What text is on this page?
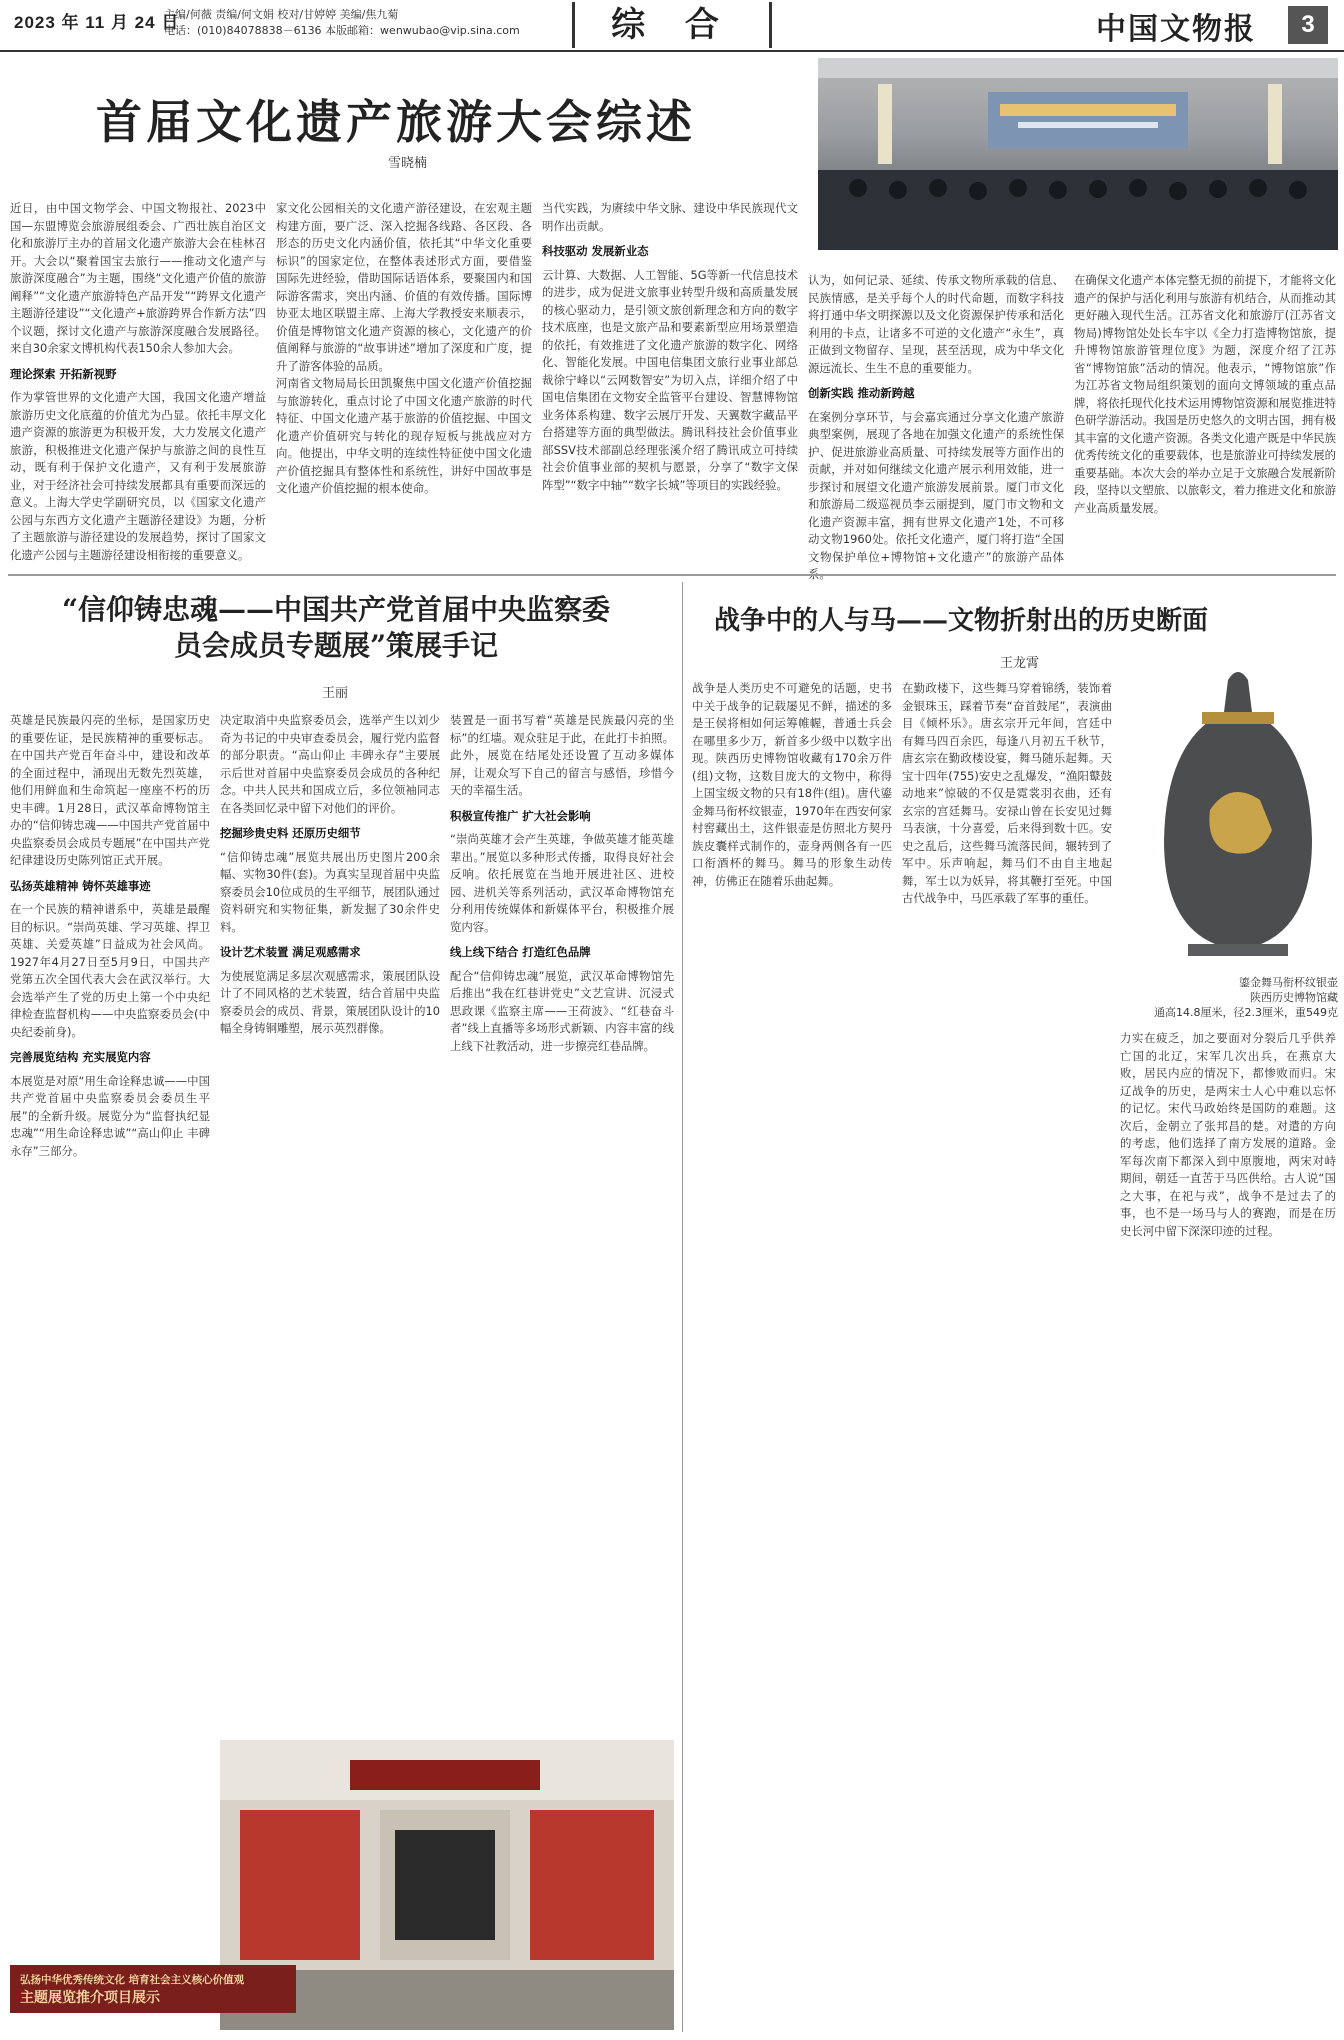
2023 年 11 月 24 日
主编/何薇 责编/何文娟 校对/甘婷婷 美编/焦九菊
电话：(010)84078838－6136 本版邮箱：wenwubao@vip.sina.com	综 合	中国文物报	3
首届文化遗产旅游大会综述
雪晓楠
近日，由中国文物学会、中国文物报社、2023中国—东盟博览会旅游展组委会、广西壮族自治区文化和旅游厅主办的首届文化遗产旅游大会在桂林召开。大会以“聚着国宝去旅行——推动文化遗产与旅游深度融合”为主题，围绕“文化遗产价值的旅游阐释”“文化遗产旅游特色产品开发”“跨界文化遗产主题游径建设”“文化遗产+旅游跨界合作新方法”四个议题，探讨文化遗产与旅游深度融合发展路径。来自30余家文博机构代表150余人参加大会。
理论探索 开拓新视野
作为掌管世界的文化遗产大国，我国文化遗产增益旅游历史文化底蕴的价值尤为凸显。依托丰厚文化遗产资源的旅游更为积极开发，大力发展文化遗产旅游，积极推进文化遗产保护与旅游之间的良性互动，既有利于保护文化遗产，又有利于发展旅游业，对于经济社会可持续发展都具有重要而深远的意义。上海大学史学副研究员，以《国家文化遗产公园与东西方文化遗产主题游径建设》为题，分析了主题旅游与游径建设的发展趋势，探讨了国家文化遗产公园与主题游径建设相衔接的重要意义。
家文化公园相关的文化遗产游径建设，在宏观主题构建方面，要广泛、深入挖掘各线路、各区段、各形态的历史文化内涵价值，依托其“中华文化重要标识”的国家定位，在整体表述形式方面，要借鉴国际先进经验，借助国际话语体系，要聚国内和国际游客需求，突出内涵、价值的有效传播。国际博协亚太地区联盟主席、上海大学教授安来顺表示，价值是博物馆文化遗产资源的核心，文化遗产的价值阐释与旅游的“故事讲述”增加了深度和广度，提升了游客体验的品质。
河南省文物局局长田凯聚焦中国文化遗产价值挖掘与旅游转化，重点讨论了中国文化遗产旅游的时代特征、中国文化遗产基于旅游的价值挖掘、中国文化遗产价值研究与转化的现存短板与挑战应对方向。他提出，中华文明的连续性特征使中国文化遗产价值挖掘具有整体性和系统性，讲好中国故事是文化遗产价值挖掘的根本使命。
当代实践，为赓续中华文脉、建设中华民族现代文明作出贡献。
科技驱动 发展新业态
云计算、大数据、人工智能、5G等新一代信息技术的进步，成为促进文旅事业转型升级和高质量发展的核心驱动力，是引领文旅创新理念和方向的数字技术底座，也是文旅产品和要素新型应用场景塑造的依托，有效推进了文化遗产旅游的数字化、网络化、智能化发展。中国电信集团文旅行业事业部总裁徐宁峰以“云网数智安”为切入点，详细介绍了中国电信集团在文物安全监管平台建设、智慧博物馆业务体系构建、数字云展厅开发、天翼数字藏品平台搭建等方面的典型做法。腾讯科技社会价值事业部SSV技术部副总经理张溪介绍了腾讯成立可持续社会价值事业部的契机与愿景，分享了“数字文保阵型”“数字中轴”“数字长城”等项目的实践经验。
认为，如何记录、延续、传承文物所承载的信息、民族情感，是关乎每个人的时代命题，而数字科技将打通中华文明探源以及文化资源保护传承和活化利用的卡点，让诸多不可逆的文化遗产“永生”，真正做到文物留存、呈现，甚至活现，成为中华文化源远流长、生生不息的重要能力。
创新实践 推动新跨越
在案例分享环节，与会嘉宾通过分享文化遗产旅游典型案例，展现了各地在加强文化遗产的系统性保护、促进旅游业高质量、可持续发展等方面作出的贡献，并对如何继续文化遗产展示利用效能，进一步探讨和展望文化遗产旅游发展前景。厦门市文化和旅游局二级巡视员李云丽提到，厦门市文物和文化遗产资源丰富，拥有世界文化遗产1处，不可移动文物1960处。依托文化遗产，厦门将打造“全国文物保护单位+博物馆+文化遗产”的旅游产品体
在确保文化遗产本体完整无损的前提下，才能将文化遗产的保护与活化利用与旅游有机结合，从而推动其更好融入现代生活。江苏省文化和旅游厅(江苏省文物局)博物馆处处长车宇以《全力打造博物馆旅，提升博物馆旅游管理位度》为题，深度介绍了江苏省“博物馆旅”活动的情况。他表示，“博物馆旅”作为江苏省文物局组织策划的面向文博领域的重点品牌，将依托现代化技术运用博物馆资源和展览推进特色研学游活动。我国是历史悠久的文明古国，拥有极其丰富的文化遗产资源。各类文化遗产既是中华民族优秀传统文化的重要载体，也是旅游业可持续发展的重要基础。本次大会的举办立足于文旅融合发展新阶段，坚持以文塑旅、以旅彰文，着力推进文化和旅游产业高质量发展。
“信仰铸忠魂——中国共产党首届中央监察委员会成员专题展”策展手记
王丽
英雄是民族最闪亮的坐标，是国家历史的重要佐证，是民族精神的重要标志。在中国共产党百年奋斗中，建设和改革的全面过程中，涌现出无数先烈英雄，他们用鲜血和生命筑起一座座不朽的历史丰碑。1月28日，武汉革命博物馆主办的“信仰铸忠魂——中国共产党首届中央监察委员会成员专题展”在中国共产党纪律建设历史陈列馆正式开展。
弘扬英雄精神 铸怀英雄事迹
在一个民族的精神谱系中，英雄是最醒目的标识。“崇尚英雄、学习英雄、捍卫英雄、关爱英雄”日益成为社会风尚。1927年4月27日至5月9日，中国共产党第五次全国代表大会在武汉举行。大会选举产生了党的历史上第一个中央纪律检查监督机构——中央监察委员会(中央纪委前身)。
完善展览结构 充实展览内容
本展览是对原“用生命诠释忠诚——中国共产党首届中央监察委员会委员生平展”的全新升级。展览分为“监督执纪显忠魂”“用生命诠释忠诚”“高山仰止 丰碑永存”三部分。
决定取消中央监察委员会，选举产生以刘少奇为书记的中央审查委员会，履行党内监督的部分职责。“高山仰止 丰碑永存”主要展示后世对首届中央监察委员会成员的各种纪念。中共人民共和国成立后，多位领袖同志在各类回忆录中留下对他们的评价。
挖掘珍贵史料 还原历史细节
“信仰铸忠魂”展览共展出历史图片200余幅、实物30件(套)。为真实呈现首届中央监察委员会10位成员的生平细节，展团队通过资料研究和实物征集，新发掘了30余件史料。
设计艺术装置 满足观感需求
为使展览满足多层次观感需求，策展团队设计了不同风格的艺术装置，结合首届中央监察委员会的成员、背景，策展团队设计的10幅全身铸铜雕塑，展示英烈群像。
装置是一面书写着“英雄是民族最闪亮的坐标”的红墙。观众驻足于此，在此打卡拍照。此外，展览在结尾处还设置了互动多媒体屏，让观众写下自己的留言与感悟，珍惜今天的幸福生活。
积极宣传推广 扩大社会影响
“崇尚英雄才会产生英雄，争做英雄才能英雄辈出。”展览以多种形式传播，取得良好社会反响。依托展览在当地开展进社区、进校园、进机关等系列活动，武汉革命博物馆充分利用传统媒体和新媒体平台，积极推介展览内容。
线上线下结合 打造红色品牌
配合“信仰铸忠魂”展览，武汉革命博物馆先后推出“我在红巷讲党史”文艺宣讲、沉浸式思政课《监察主席——王荷波》、“红巷奋斗者”线上直播等多场形式新颖、内容丰富的线上线下社教活动，进一步擦亮红巷品牌。
弘扬中华优秀传统文化 培育社会主义核心价值观
主题展览推介项目展示
战争中的人与马——文物折射出的历史断面
王龙霄
战争是人类历史不可避免的话题，史书中关于战争的记载屡见不鲜，描述的多是王侯将相如何运筹帷幄，普通士兵会在哪里多少万，新首多少级中以数字出现。陕西历史博物馆收藏有170余万件(组)文物，这数目庞大的文物中，称得上国宝级文物的只有18件(组)。唐代鎏金舞马衔杯纹银壶，1970年在西安何家村窖藏出土，这件银壶是仿照北方契丹族皮囊样式制作的，壶身两侧各有一匹口衔酒杯的舞马。舞马的形象生动传神，仿佛正在随着乐曲起舞。
在勤政楼下，这些舞马穿着锦绣，装饰着金银珠玉，踩着节奏“奋首鼓尾”，表演曲目《倾杯乐》。唐玄宗开元年间，宫廷中有舞马四百余匹，每逢八月初五千秋节，唐玄宗在勤政楼设宴，舞马随乐起舞。天宝十四年(755)安史之乱爆发，“渔阳鼙鼓动地来”惊破的不仅是霓裳羽衣曲，还有玄宗的宫廷舞马。安禄山曾在长安见过舞马表演，十分喜爱，后来得到数十匹。安史之乱后，这些舞马流落民间，辗转到了军中。乐声响起，舞马们不由自主地起舞，军士以为妖异，将其鞭打至死。中国古代战争中，马匹承载了军事的重任。
鎏金舞马衔杯纹银壶
陕西历史博物馆藏
通高14.8厘米，径2.3厘米，重549克
力实在疲乏，加之要面对分裂后几乎供养亡国的北辽，宋军几次出兵，在燕京大败，居民内应的情况下，都惨败而归。宋辽战争的历史，是两宋士人心中难以忘怀的记忆。宋代马政始终是国防的难题。这次后，金朝立了张邦昌的楚。对遣的方向的考虑，他们选择了南方发展的道路。金军每次南下都深入到中原腹地，两宋对峙期间，朝廷一直苦于马匹供给。古人说“国之大事，在祀与戎”，战争不是过去了的事，也不是一场马与人的赛跑，而是在历史长河中留下深深印迹的过程。
